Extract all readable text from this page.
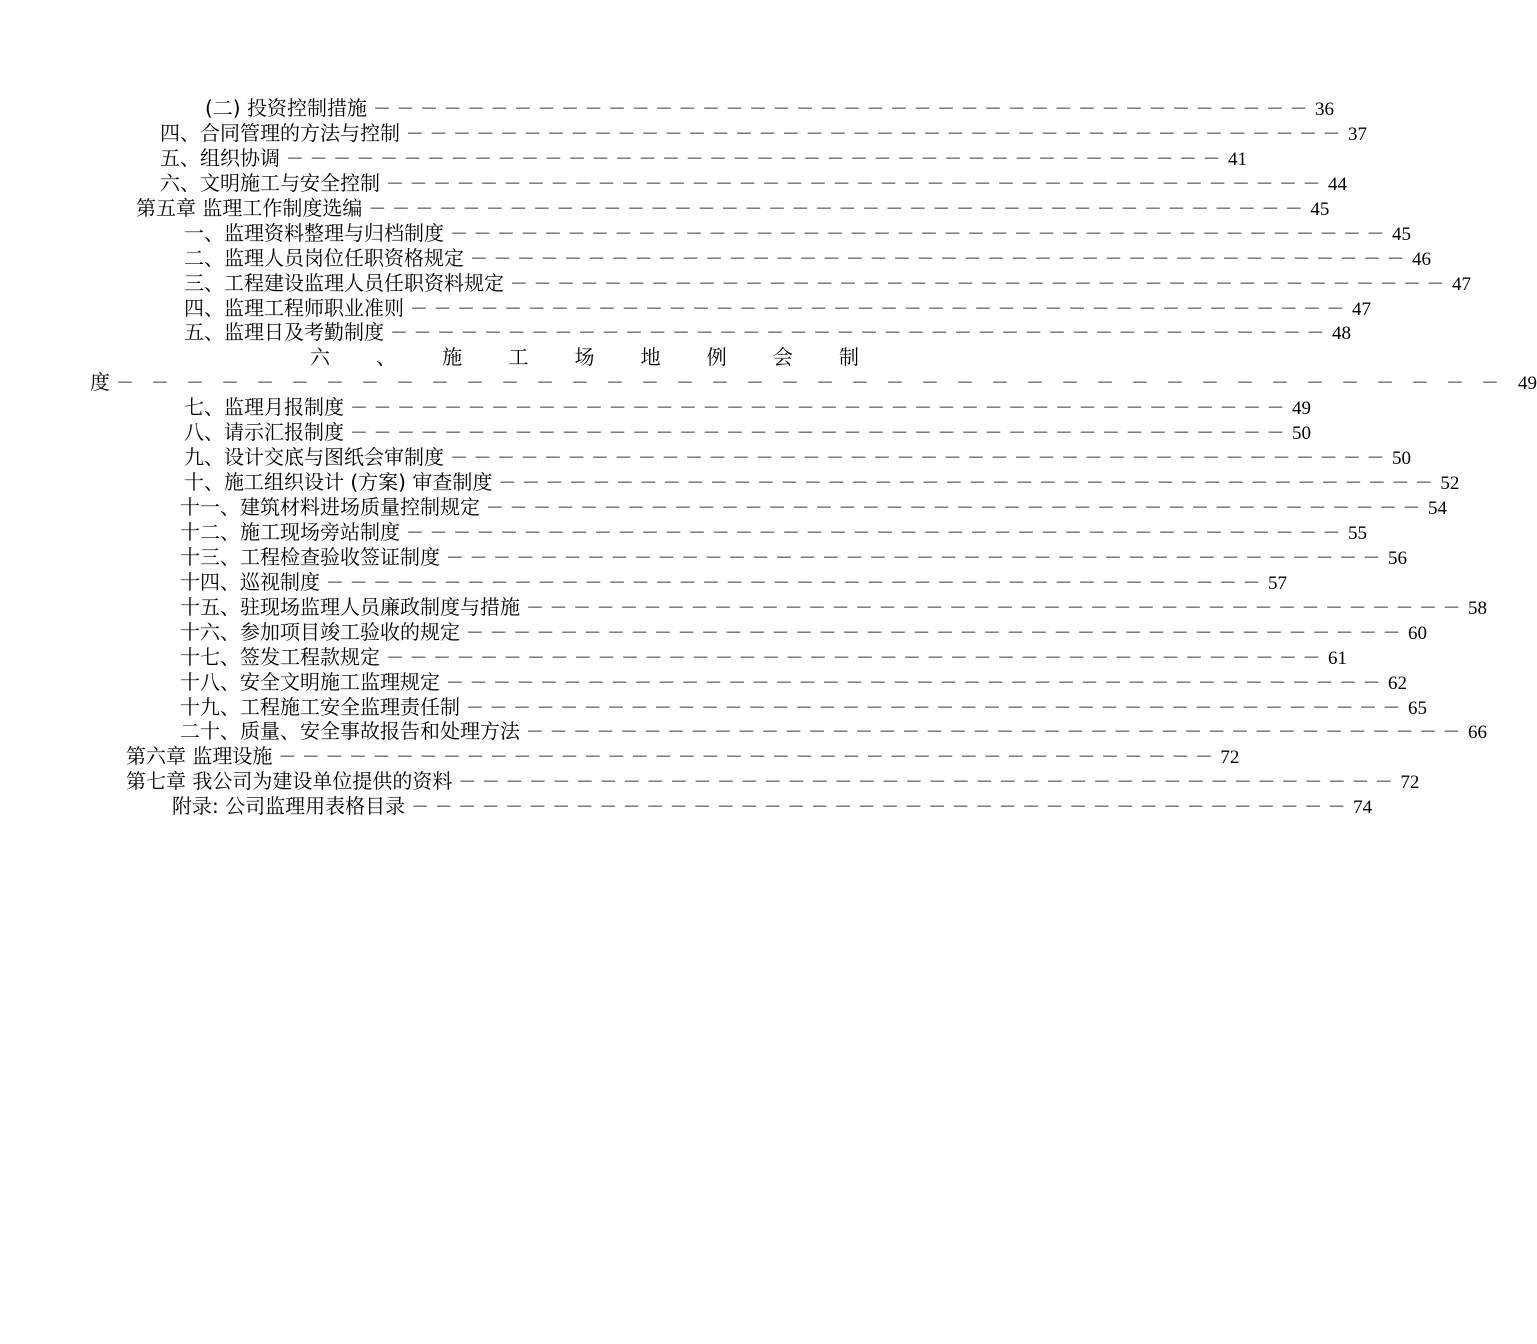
(二) 投资控制措施 －－－－－－－－－－－－－－－－－－－－－－－－－－－－－－－－－－－－－－－－ 36
四、合同管理的方法与控制 －－－－－－－－－－－－－－－－－－－－－－－－－－－－－－－－－－－－－－－－ 37
五、组织协调 －－－－－－－－－－－－－－－－－－－－－－－－－－－－－－－－－－－－－－－－ 41
六、文明施工与安全控制 －－－－－－－－－－－－－－－－－－－－－－－－－－－－－－－－－－－－－－－－ 44
第五章 监理工作制度选编 －－－－－－－－－－－－－－－－－－－－－－－－－－－－－－－－－－－－－－－－ 45
一、监理资料整理与归档制度 －－－－－－－－－－－－－－－－－－－－－－－－－－－－－－－－－－－－－－－－ 45
二、监理人员岗位任职资格规定 －－－－－－－－－－－－－－－－－－－－－－－－－－－－－－－－－－－－－－－－ 46
三、工程建设监理人员任职资料规定 －－－－－－－－－－－－－－－－－－－－－－－－－－－－－－－－－－－－－－－－ 47
四、监理工程师职业准则 －－－－－－－－－－－－－－－－－－－－－－－－－－－－－－－－－－－－－－－－ 47
五、监理日及考勤制度 －－－－－－－－－－－－－－－－－－－－－－－－－－－－－－－－－－－－－－－－ 48
六 、 施 工 场 地 例 会 制
度 －－－－－－－－－－－－－－－－－－－－－－－－－－－－－－－－－－－－－－－－ 49
七、监理月报制度 －－－－－－－－－－－－－－－－－－－－－－－－－－－－－－－－－－－－－－－－ 49
八、请示汇报制度 －－－－－－－－－－－－－－－－－－－－－－－－－－－－－－－－－－－－－－－－ 50
九、设计交底与图纸会审制度 －－－－－－－－－－－－－－－－－－－－－－－－－－－－－－－－－－－－－－－－ 50
十、施工组织设计 (方案) 审查制度 －－－－－－－－－－－－－－－－－－－－－－－－－－－－－－－－－－－－－－－－ 52
十一、建筑材料进场质量控制规定 －－－－－－－－－－－－－－－－－－－－－－－－－－－－－－－－－－－－－－－－ 54
十二、施工现场旁站制度 －－－－－－－－－－－－－－－－－－－－－－－－－－－－－－－－－－－－－－－－ 55
十三、工程检查验收签证制度 －－－－－－－－－－－－－－－－－－－－－－－－－－－－－－－－－－－－－－－－ 56
十四、巡视制度 －－－－－－－－－－－－－－－－－－－－－－－－－－－－－－－－－－－－－－－－ 57
十五、驻现场监理人员廉政制度与措施 －－－－－－－－－－－－－－－－－－－－－－－－－－－－－－－－－－－－－－－－ 58
十六、参加项目竣工验收的规定 －－－－－－－－－－－－－－－－－－－－－－－－－－－－－－－－－－－－－－－－ 60
十七、签发工程款规定 －－－－－－－－－－－－－－－－－－－－－－－－－－－－－－－－－－－－－－－－ 61
十八、安全文明施工监理规定 －－－－－－－－－－－－－－－－－－－－－－－－－－－－－－－－－－－－－－－－ 62
十九、工程施工安全监理责任制 －－－－－－－－－－－－－－－－－－－－－－－－－－－－－－－－－－－－－－－－ 65
二十、质量、安全事故报告和处理方法 －－－－－－－－－－－－－－－－－－－－－－－－－－－－－－－－－－－－－－－－ 66
第六章 监理设施 －－－－－－－－－－－－－－－－－－－－－－－－－－－－－－－－－－－－－－－－ 72
第七章 我公司为建设单位提供的资料 －－－－－－－－－－－－－－－－－－－－－－－－－－－－－－－－－－－－－－－－ 72
附录: 公司监理用表格目录 －－－－－－－－－－－－－－－－－－－－－－－－－－－－－－－－－－－－－－－－ 74
